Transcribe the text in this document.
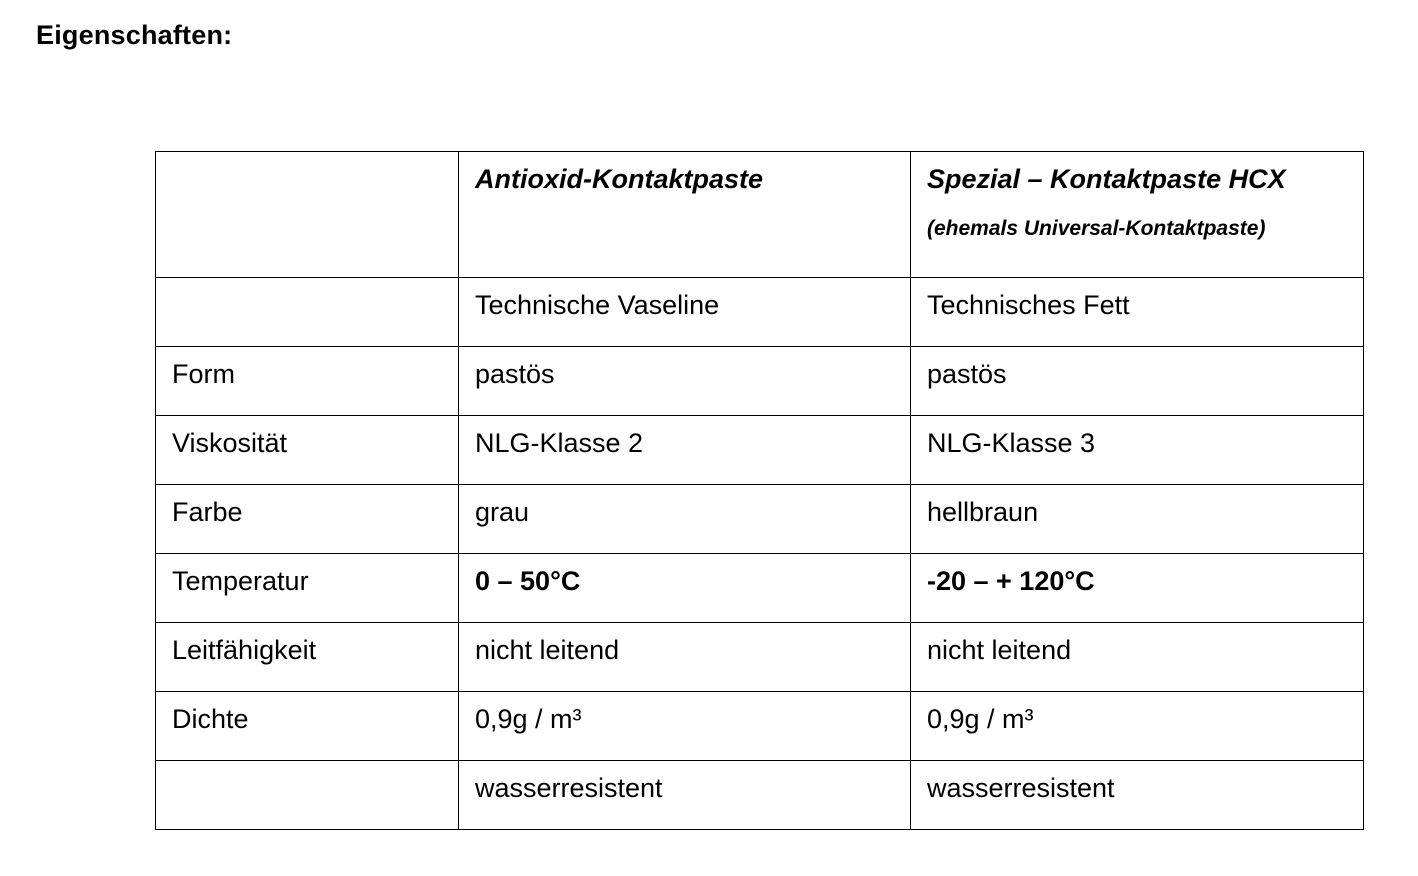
Eigenschaften:

	Antioxid-Kontaktpaste	Spezial – Kontaktpaste HCX
(ehemals Universal-Kontaktpaste)

	Technische Vaseline	Technisches Fett
Form	pastös	pastös
Viskosität	NLG-Klasse 2	NLG-Klasse 3
Farbe	grau	hellbraun
Temperatur	0 – 50°C	-20 – + 120°C
Leitfähigkeit	nicht leitend	nicht leitend
Dichte	0,9g / m³	0,9g / m³
	wasserresistent	wasserresistent
